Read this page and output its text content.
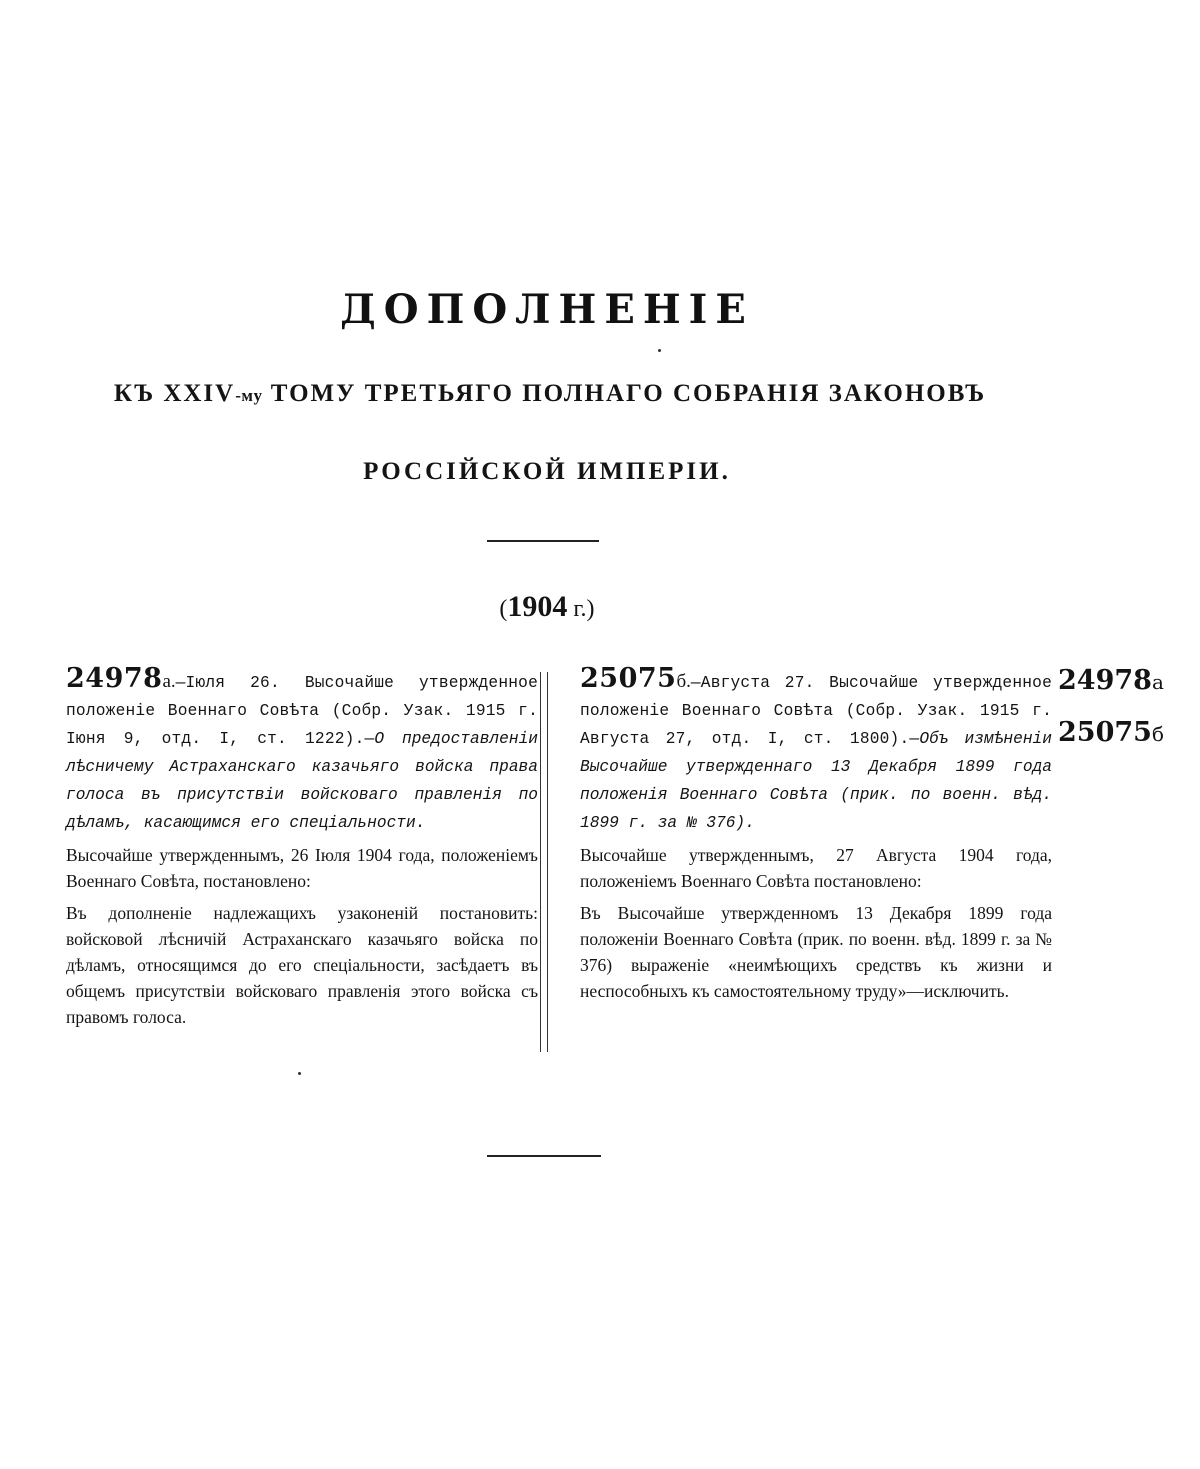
ДОПОЛНЕНІЕ
КЪ XXIV-му ТОМУ ТРЕТЬЯГО ПОЛНАГО СОБРАНІЯ ЗАКОНОВЪ
РОССІЙСКОЙ ИМПЕРІИ.
(1904 г.)
24978а.—Іюля 26. Высочайше утвержденное положеніе Военнаго Совѣта (Собр. Узак. 1915 г. Іюня 9, отд. I, ст. 1222).—О предоставленіи лѣсничему Астраханскаго казачьяго войска права голоса въ присутствіи войсковаго правленія по дѣламъ, касающимся его спеціальности.

Высочайше утвержденнымъ, 26 Іюля 1904 года, положеніемъ Военнаго Совѣта, постановлено:

Въ дополненіе надлежащихъ узаконеній постановить: войсковой лѣсничій Астраханскаго казачьяго войска по дѣламъ, относящимся до его спеціальности, засѣдаетъ въ общемъ присутствіи войсковаго правленія этого войска съ правомъ голоса.

25075б.—Августа 27. Высочайше утвержденное положеніе Военнаго Совѣта (Собр. Узак. 1915 г. Августа 27, отд. I, ст. 1800).—Объ измѣненіи Высочайше утвержденнаго 13 Декабря 1899 года положенія Военнаго Совѣта (прик. по военн. вѣд. 1899 г. за № 376).

Высочайше утвержденнымъ, 27 Августа 1904 года, положеніемъ Военнаго Совѣта постановлено:

Въ Высочайше утвержденномъ 13 Декабря 1899 года положеніи Военнаго Совѣта (прик. по военн. вѣд. 1899 г. за № 376) выраженіе «неимѣющихъ средствъ къ жизни и неспособныхъ къ самостоятельному труду»—исключить.

24978а
25075б
